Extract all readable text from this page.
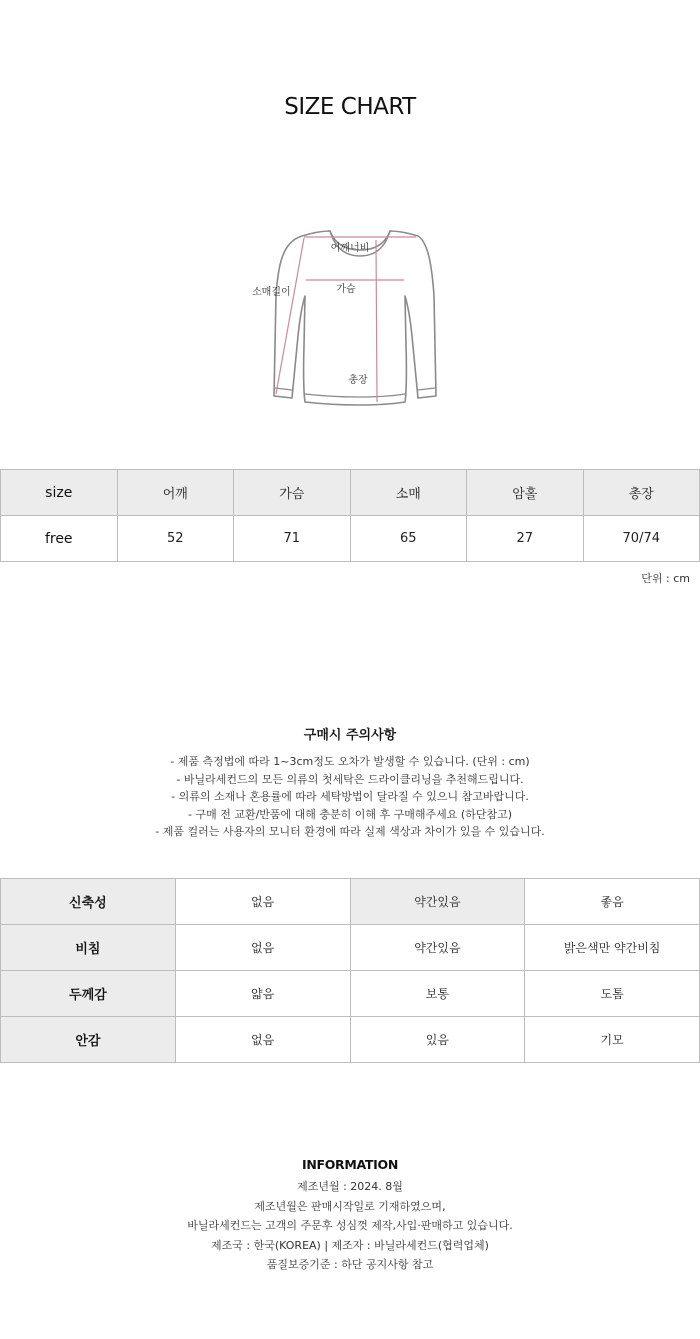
SIZE CHART
어깨너비
소매길이	가슴
총장
size	어깨	가슴	소매	암홀	총장
free	52	71	65	27	70/74
단위 : cm
구매시 주의사항

- 제품 측정법에 따라 1~3cm정도 오차가 발생할 수 있습니다. (단위 : cm)

- 바닐라세컨드의 모든 의류의 첫세탁은 드라이클리닝을 추천해드립니다.

- 의류의 소재나 혼용률에 따라 세탁방법이 달라질 수 있으니 참고바랍니다.

- 구매 전 교환/반품에 대해 충분히 이해 후 구매해주세요 (하단참고)

- 제품 컬러는 사용자의 모니터 환경에 따라 실제 색상과 차이가 있을 수 있습니다.

신축성	없음	약간있음	좋음
비침	없음	약간있음	밝은색만 약간비침
두께감	얇음	보통	도톰
안감	없음	있음	기모
INFORMATION

제조년월 : 2024. 8월

제조년월은 판매시작일로 기재하였으며,

바닐라세컨드는 고객의 주문후 성심껏 제작,사입·판매하고 있습니다.

제조국 : 한국(KOREA) | 제조자 : 바닐라세컨드(협력업체)

품질보증기준 : 하단 공지사항 참고
